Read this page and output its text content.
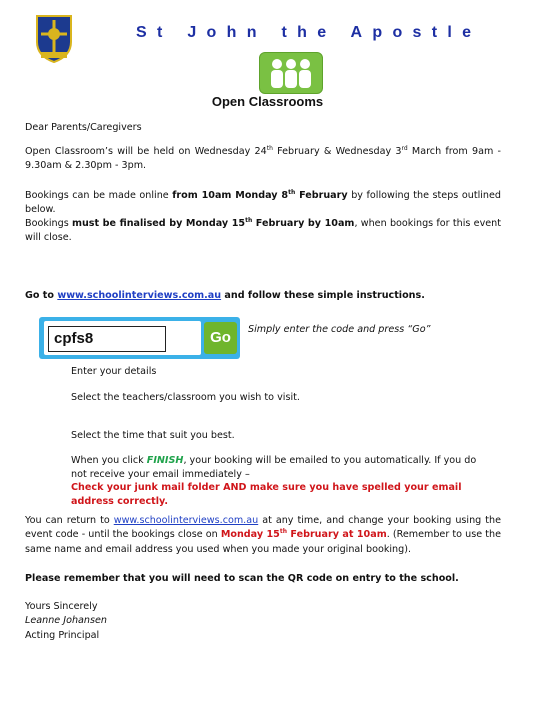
St John the Apostle
Open Classrooms
Dear Parents/Caregivers
Open Classroom’s will be held on Wednesday 24th February & Wednesday 3rd March from 9am - 9.30am & 2.30pm - 3pm.
Bookings can be made online from 10am Monday 8th February by following the steps outlined below.
Bookings must be finalised by Monday 15th February by 10am, when bookings for this event will close.
Go to www.schoolinterviews.com.au and follow these simple instructions.
cpfs8	Go	Simply enter the code and press “Go”
Enter your details
Select the teachers/classroom you wish to visit.
Select the time that suit you best.
When you click FINISH, your booking will be emailed to you automatically. If you do not receive your email immediately –
Check your junk mail folder AND make sure you have spelled your email address correctly.
You can return to www.schoolinterviews.com.au at any time, and change your booking using the event code - until the bookings close on Monday 15th February at 10am. (Remember to use the same name and email address you used when you made your original booking).
Please remember that you will need to scan the QR code on entry to the school.
Yours Sincerely
Leanne Johansen
Acting Principal
